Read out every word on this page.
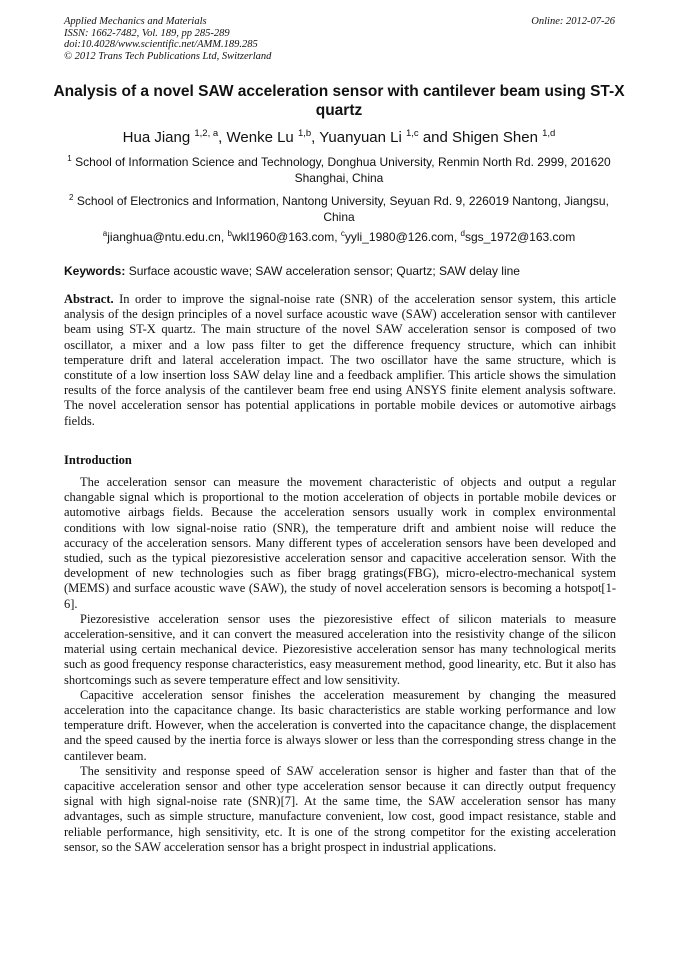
Applied Mechanics and Materials
ISSN: 1662-7482, Vol. 189, pp 285-289
doi:10.4028/www.scientific.net/AMM.189.285
© 2012 Trans Tech Publications Ltd, Switzerland
Online: 2012-07-26
Analysis of a novel SAW acceleration sensor with cantilever beam using ST-X quartz
Hua Jiang $^{1,2, a}$, Wenke Lu $^{1,b}$, Yuanyuan Li $^{1,c}$ and Shigen Shen $^{1,d}$
$^1$ School of Information Science and Technology, Donghua University, Renmin North Rd. 2999, 201620 Shanghai, China
$^2$ School of Electronics and Information, Nantong University, Seyuan Rd. 9, 226019 Nantong, Jiangsu, China
$^a$jianghua@ntu.edu.cn, $^b$wkl1960@163.com, $^c$yyli_1980@126.com, $^d$sgs_1972@163.com
Keywords: Surface acoustic wave; SAW acceleration sensor; Quartz; SAW delay line

Abstract. In order to improve the signal-noise rate (SNR) of the acceleration sensor system, this article analysis of the design principles of a novel surface acoustic wave (SAW) acceleration sensor with cantilever beam using ST-X quartz. The main structure of the novel SAW acceleration sensor is composed of two oscillator, a mixer and a low pass filter to get the difference frequency structure, which can inhibit temperature drift and lateral acceleration impact. The two oscillator have the same structure, which is constitute of a low insertion loss SAW delay line and a feedback amplifier. This article shows the simulation results of the force analysis of the cantilever beam free end using ANSYS finite element analysis software. The novel acceleration sensor has potential applications in portable mobile devices or automotive airbags fields.

Introduction

The acceleration sensor can measure the movement characteristic of objects and output a regular changable signal which is proportional to the motion acceleration of objects in portable mobile devices or automotive airbags fields. Because the acceleration sensors usually work in complex environmental conditions with low signal-noise ratio (SNR), the temperature drift and ambient noise will reduce the accuracy of the acceleration sensors. Many different types of acceleration sensors have been developed and studied, such as the typical piezoresistive acceleration sensor and capacitive acceleration sensor. With the development of new technologies such as fiber bragg gratings(FBG), micro-electro-mechanical system (MEMS) and surface acoustic wave (SAW), the study of novel acceleration sensors is becoming a hotspot[1-6].

Piezoresistive acceleration sensor uses the piezoresistive effect of silicon materials to measure acceleration-sensitive, and it can convert the measured acceleration into the resistivity change of the silicon material using certain mechanical device. Piezoresistive acceleration sensor has many technological merits such as good frequency response characteristics, easy measurement method, good linearity, etc. But it also has shortcomings such as severe temperature effect and low sensitivity.

Capacitive acceleration sensor finishes the acceleration measurement by changing the measured acceleration into the capacitance change. Its basic characteristics are stable working performance and low temperature drift. However, when the acceleration is converted into the capacitance change, the displacement and the speed caused by the inertia force is always slower or less than the corresponding stress change in the cantilever beam.

The sensitivity and response speed of SAW acceleration sensor is higher and faster than that of the capacitive acceleration sensor and other type acceleration sensor because it can directly output frequency signal with high signal-noise rate (SNR)[7]. At the same time, the SAW acceleration sensor has many advantages, such as simple structure, manufacture convenient, low cost, good impact resistance, stable and reliable performance, high sensitivity, etc. It is one of the strong competitor for the existing acceleration sensor, so the SAW acceleration sensor has a bright prospect in industrial applications.
